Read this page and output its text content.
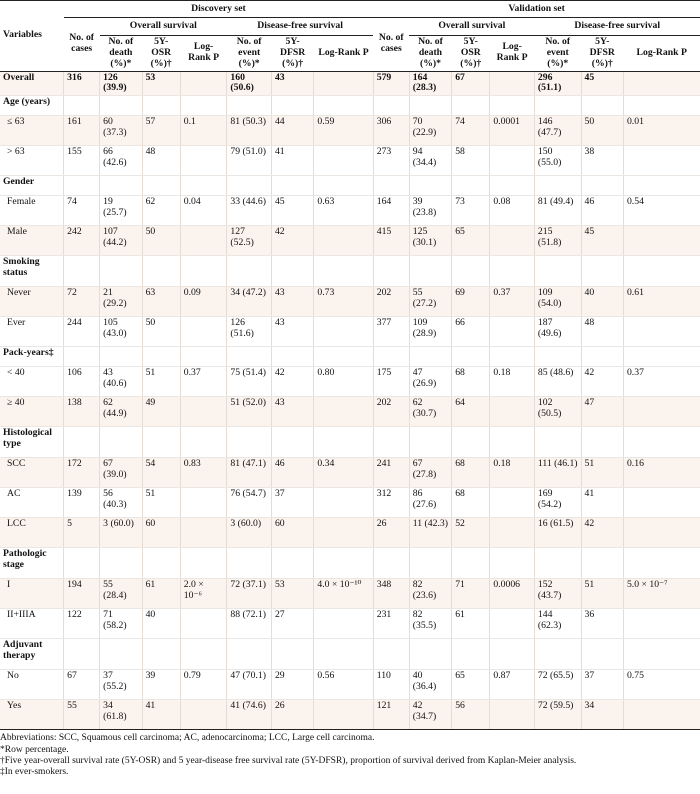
Variables	Discovery set							Validation set						
	No. of cases	Overall survival			Disease-free survival			No. of cases	Overall survival			Disease-free survival		
		No. of death (%)*	5Y-OSR (%)†	Log-Rank P	No. of event (%)*	5Y-DFSR (%)†	Log-Rank P		No. of death (%)*	5Y-OSR (%)†	Log-Rank P	No. of event (%)*	5Y-DFSR (%)†	Log-Rank P
Overall	316	126 (39.9)	53		160 (50.6)	43		579	164 (28.3)	67		296 (51.1)	45	
Age (years)														
≤ 63	161	60 (37.3)	57	0.1	81 (50.3)	44	0.59	306	70 (22.9)	74	0.0001	146 (47.7)	50	0.01
> 63	155	66 (42.6)	48		79 (51.0)	41		273	94 (34.4)	58		150 (55.0)	38	
Gender														
Female	74	19 (25.7)	62	0.04	33 (44.6)	45	0.63	164	39 (23.8)	73	0.08	81 (49.4)	46	0.54
Male	242	107 (44.2)	50		127 (52.5)	42		415	125 (30.1)	65		215 (51.8)	45	
Smoking status														
Never	72	21 (29.2)	63	0.09	34 (47.2)	43	0.73	202	55 (27.2)	69	0.37	109 (54.0)	40	0.61
Ever	244	105 (43.0)	50		126 (51.6)	43		377	109 (28.9)	66		187 (49.6)	48	
Pack-years‡														
< 40	106	43 (40.6)	51	0.37	75 (51.4)	42	0.80	175	47 (26.9)	68	0.18	85 (48.6)	42	0.37
≥ 40	138	62 (44.9)	49		51 (52.0)	43		202	62 (30.7)	64		102 (50.5)	47	
Histological type														
SCC	172	67 (39.0)	54	0.83	81 (47.1)	46	0.34	241	67 (27.8)	68	0.18	111 (46.1)	51	0.16
AC	139	56 (40.3)	51		76 (54.7)	37		312	86 (27.6)	68		169 (54.2)	41	
LCC	5	3 (60.0)	60		3 (60.0)	60		26	11 (42.3)	52		16 (61.5)	42	
Pathologic stage														
I	194	55 (28.4)	61	2.0 × 10⁻⁶	72 (37.1)	53	4.0 × 10⁻¹⁰	348	82 (23.6)	71	0.0006	152 (43.7)	51	5.0 × 10⁻⁷
II+IIIA	122	71 (58.2)	40		88 (72.1)	27		231	82 (35.5)	61		144 (62.3)	36	
Adjuvant therapy														
No	67	37 (55.2)	39	0.79	47 (70.1)	29	0.56	110	40 (36.4)	65	0.87	72 (65.5)	37	0.75
Yes	55	34 (61.8)	41		41 (74.6)	26		121	42 (34.7)	56		72 (59.5)	34	
Abbreviations: SCC, Squamous cell carcinoma; AC, adenocarcinoma; LCC, Large cell carcinoma.
*Row percentage.
†Five year-overall survival rate (5Y-OSR) and 5 year-disease free survival rate (5Y-DFSR), proportion of survival derived from Kaplan-Meier analysis.
‡In ever-smokers.
